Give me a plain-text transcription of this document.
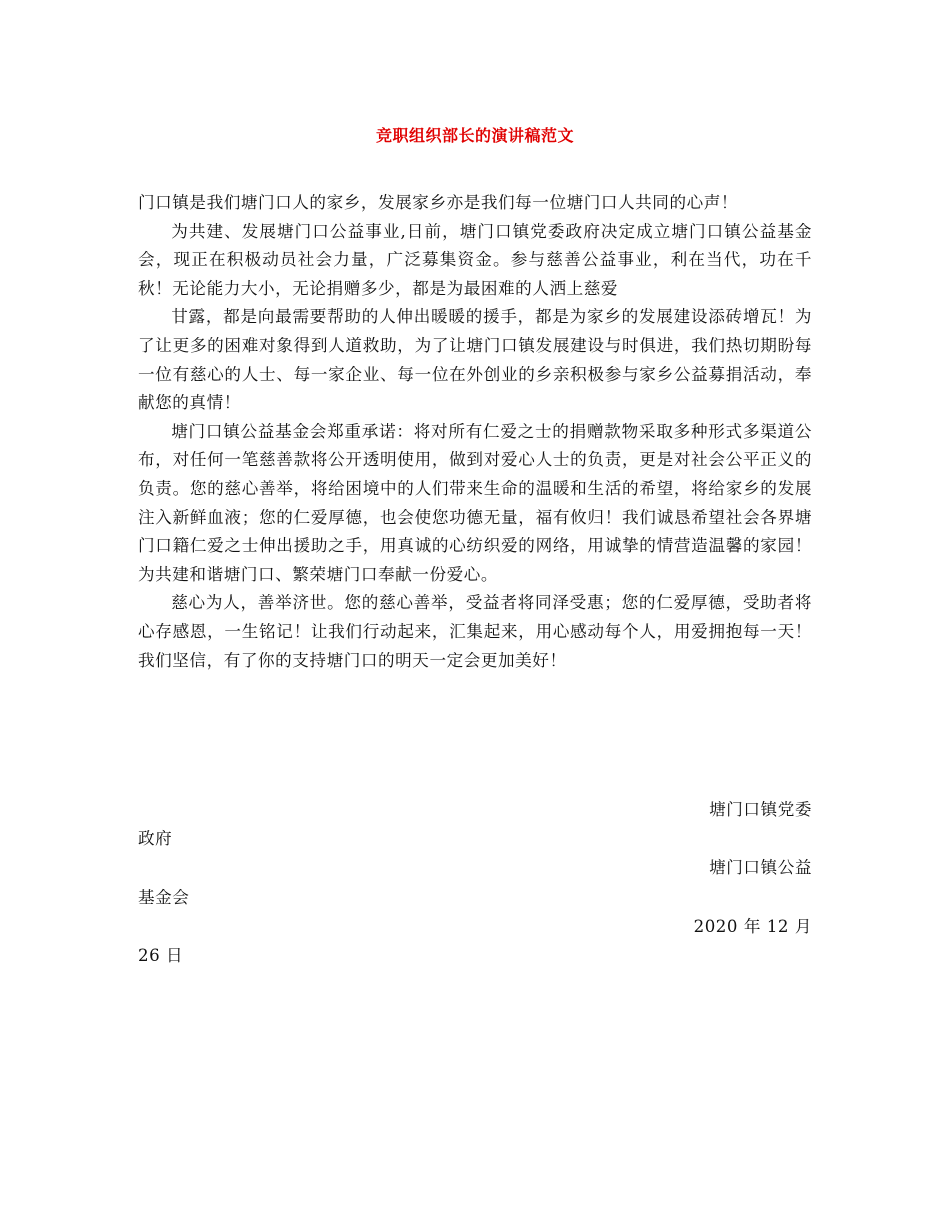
竞职组织部长的演讲稿范文

门口镇是我们塘门口人的家乡，发展家乡亦是我们每一位塘门口人共同的心声！

为共建、发展塘门口公益事业,日前，塘门口镇党委政府决定成立塘门口镇公益基金会，现正在积极动员社会力量，广泛募集资金。参与慈善公益事业，利在当代，功在千秋！无论能力大小，无论捐赠多少，都是为最困难的人洒上慈爱

甘露，都是向最需要帮助的人伸出暖暖的援手，都是为家乡的发展建设添砖增瓦！为了让更多的困难对象得到人道救助，为了让塘门口镇发展建设与时俱进，我们热切期盼每一位有慈心的人士、每一家企业、每一位在外创业的乡亲积极参与家乡公益募捐活动，奉献您的真情！

塘门口镇公益基金会郑重承诺：将对所有仁爱之士的捐赠款物采取多种形式多渠道公布，对任何一笔慈善款将公开透明使用，做到对爱心人士的负责，更是对社会公平正义的负责。您的慈心善举，将给困境中的人们带来生命的温暖和生活的希望，将给家乡的发展注入新鲜血液；您的仁爱厚德，也会使您功德无量，福有攸归！我们诚恳希望社会各界塘门口籍仁爱之士伸出援助之手，用真诚的心纺织爱的网络，用诚挚的情营造温馨的家园！为共建和谐塘门口、繁荣塘门口奉献一份爱心。

慈心为人，善举济世。您的慈心善举，受益者将同泽受惠；您的仁爱厚德，受助者将心存感恩，一生铭记！让我们行动起来，汇集起来，用心感动每个人，用爱拥抱每一天！我们坚信，有了你的支持塘门口的明天一定会更加美好！

塘门口镇党委

政府

塘门口镇公益

基金会

2020 年 12 月

26 日
